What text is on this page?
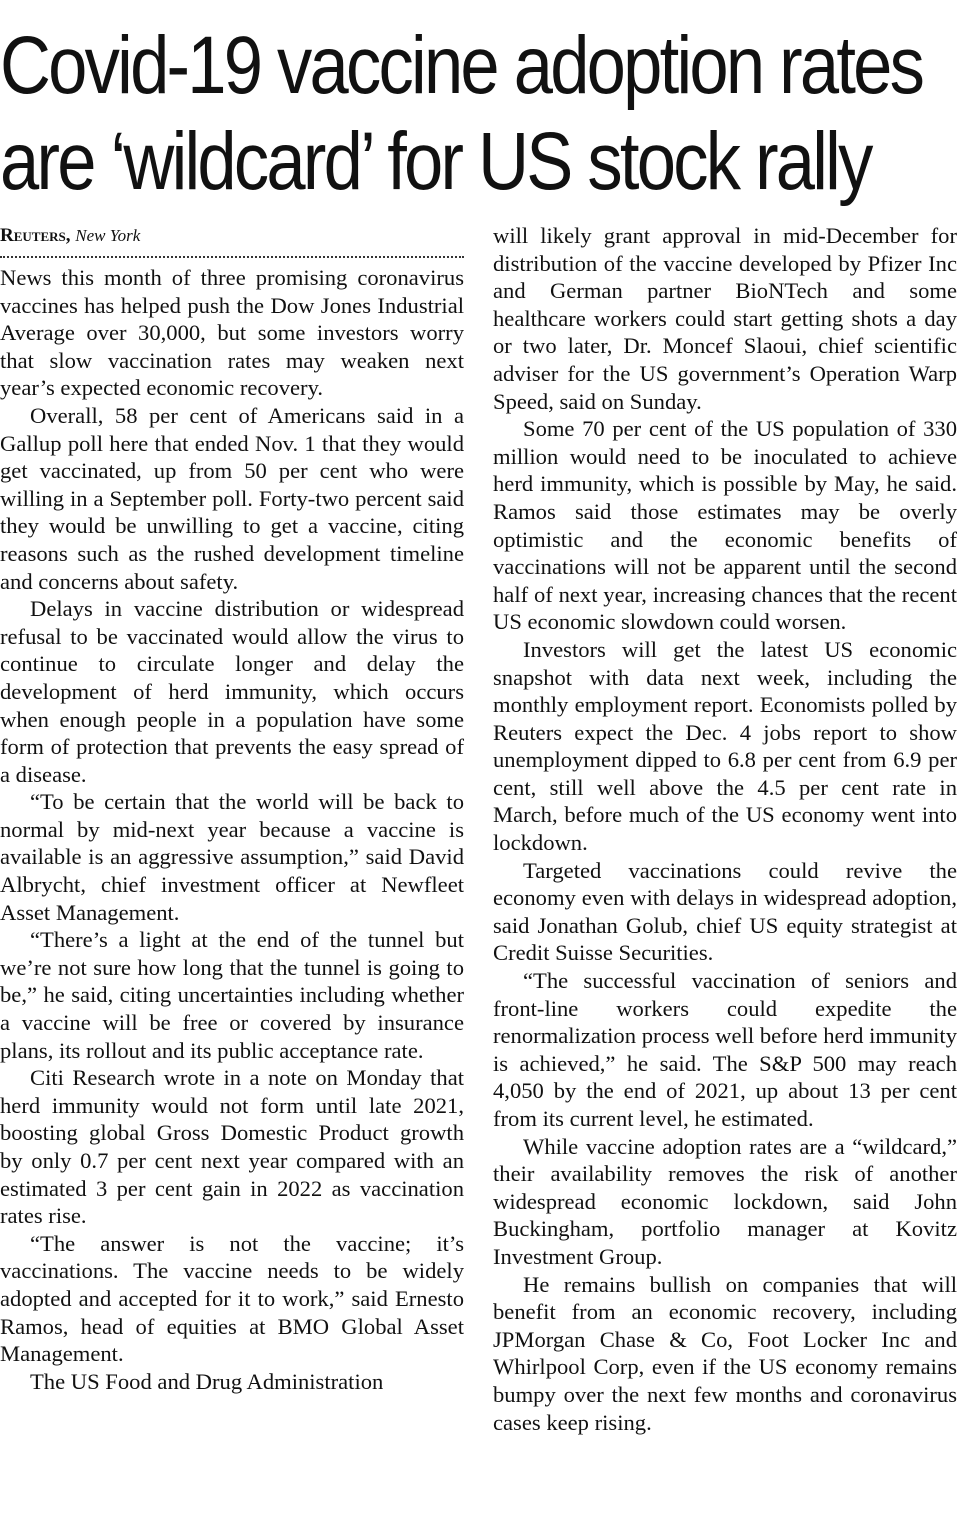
Covid-19 vaccine adoption rates
are ‘wildcard’ for US stock rally
Reuters, New York

News this month of three promising coronavirus vaccines has helped push the Dow Jones Industrial Average over 30,000, but some investors worry that slow vaccination rates may weaken next year’s expected economic recovery.

Overall, 58 per cent of Americans said in a Gallup poll here that ended Nov. 1 that they would get vaccinated, up from 50 per cent who were willing in a September poll. Forty-two percent said they would be unwilling to get a vaccine, citing reasons such as the rushed development timeline and concerns about safety.

Delays in vaccine distribution or widespread refusal to be vaccinated would allow the virus to continue to circulate longer and delay the development of herd immunity, which occurs when enough people in a population have some form of protection that prevents the easy spread of a disease.

“To be certain that the world will be back to normal by mid-next year because a vaccine is available is an aggressive assumption,” said David Albrycht, chief investment officer at Newfleet Asset Management.

“There’s a light at the end of the tunnel but we’re not sure how long that the tunnel is going to be,” he said, citing uncertainties including whether a vaccine will be free or covered by insurance plans, its rollout and its public acceptance rate.

Citi Research wrote in a note on Monday that herd immunity would not form until late 2021, boosting global Gross Domestic Product growth by only 0.7 per cent next year compared with an estimated 3 per cent gain in 2022 as vaccination rates rise.

“The answer is not the vaccine; it’s vaccinations. The vaccine needs to be widely adopted and accepted for it to work,” said Ernesto Ramos, head of equities at BMO Global Asset Management.

The US Food and Drug Administration

will likely grant approval in mid-December for distribution of the vaccine developed by Pfizer Inc and German partner BioNTech and some healthcare workers could start getting shots a day or two later, Dr. Moncef Slaoui, chief scientific adviser for the US government’s Operation Warp Speed, said on Sunday.

Some 70 per cent of the US population of 330 million would need to be inoculated to achieve herd immunity, which is possible by May, he said. Ramos said those estimates may be overly optimistic and the economic benefits of vaccinations will not be apparent until the second half of next year, increasing chances that the recent US economic slowdown could worsen.

Investors will get the latest US economic snapshot with data next week, including the monthly employment report. Economists polled by Reuters expect the Dec. 4 jobs report to show unemployment dipped to 6.8 per cent from 6.9 per cent, still well above the 4.5 per cent rate in March, before much of the US economy went into lockdown.

Targeted vaccinations could revive the economy even with delays in widespread adoption, said Jonathan Golub, chief US equity strategist at Credit Suisse Securities.

“The successful vaccination of seniors and front-line workers could expedite the renormalization process well before herd immunity is achieved,” he said. The S&P 500 may reach 4,050 by the end of 2021, up about 13 per cent from its current level, he estimated.

While vaccine adoption rates are a “wildcard,” their availability removes the risk of another widespread economic lockdown, said John Buckingham, portfolio manager at Kovitz Investment Group.

He remains bullish on companies that will benefit from an economic recovery, including JPMorgan Chase & Co, Foot Locker Inc and Whirlpool Corp, even if the US economy remains bumpy over the next few months and coronavirus cases keep rising.
